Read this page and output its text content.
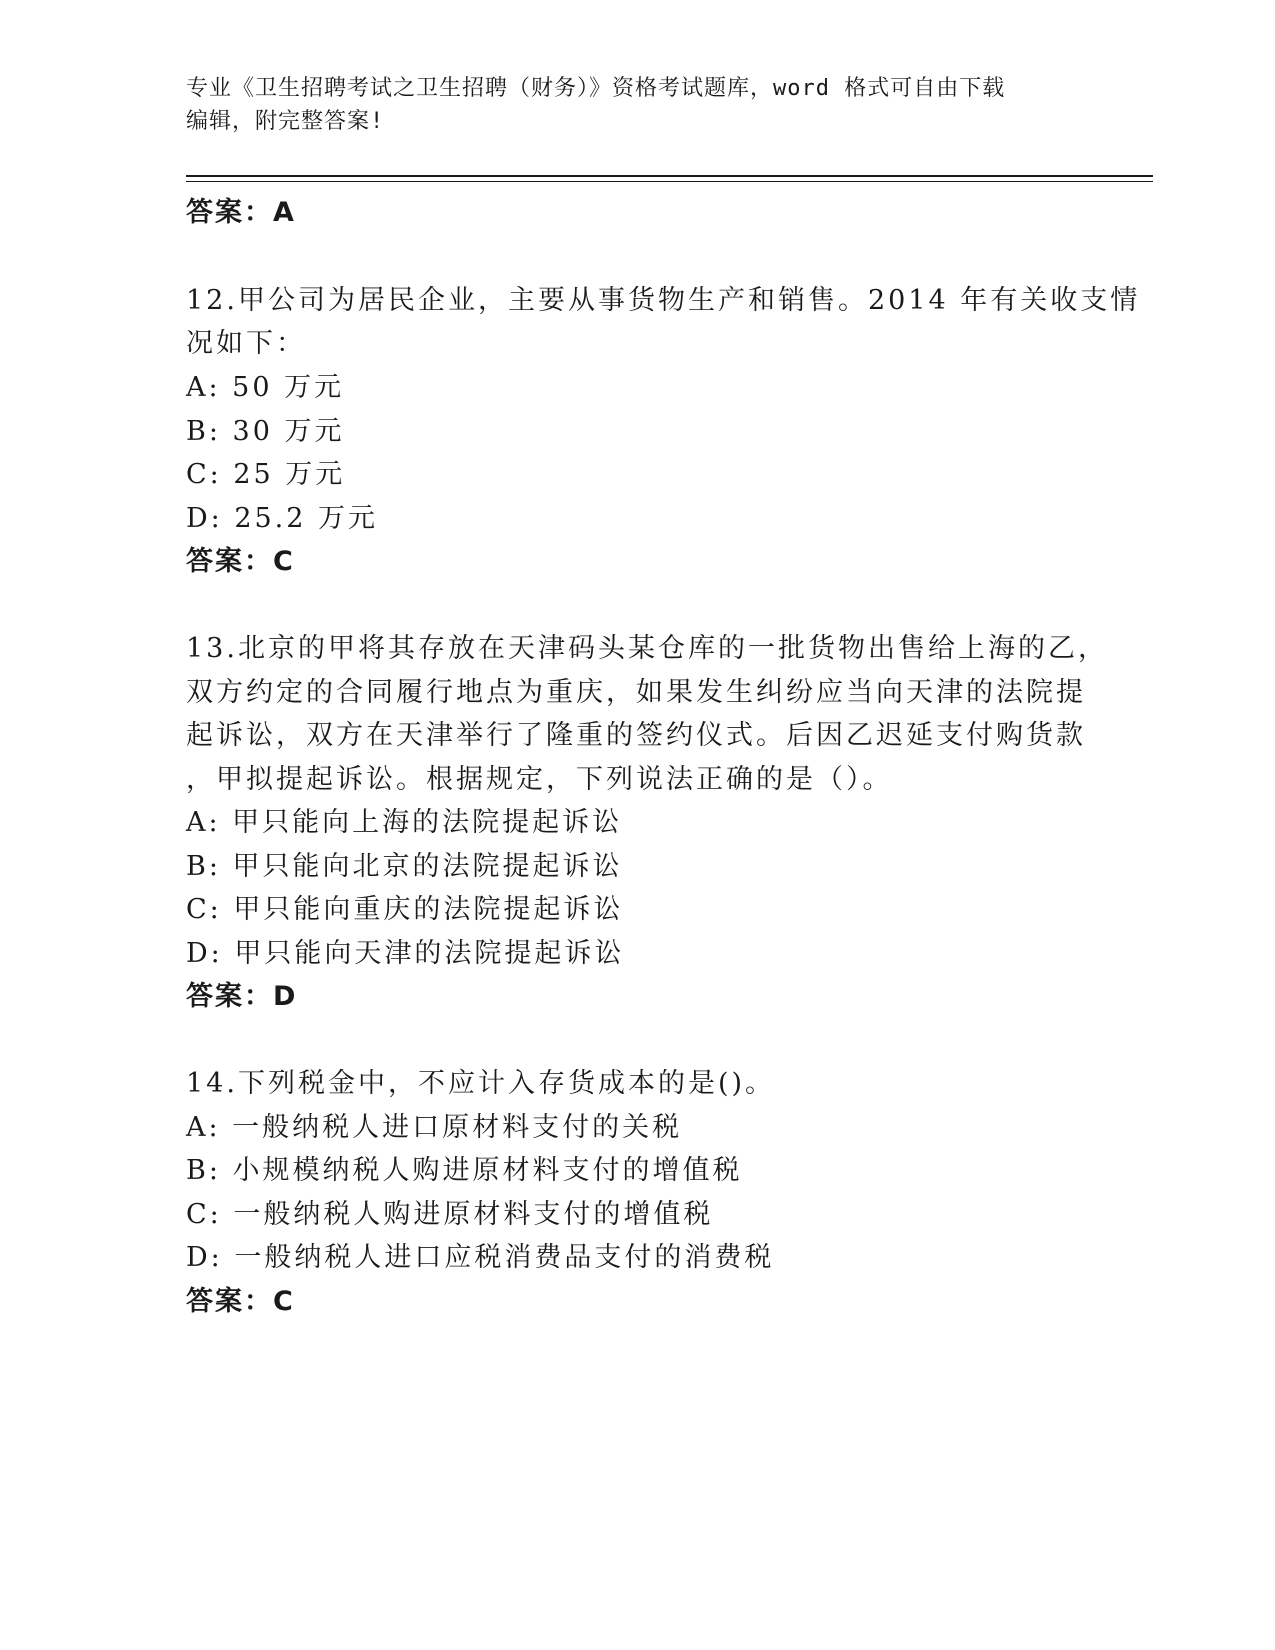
专业《卫生招聘考试之卫生招聘（财务）》资格考试题库，word 格式可自由下载
编辑，附完整答案!
答案：A
12.甲公司为居民企业，主要从事货物生产和销售。2014 年有关收支情
况如下：
A: 50 万元
B: 30 万元
C: 25 万元
D: 25.2 万元
答案：C
13.北京的甲将其存放在天津码头某仓库的一批货物出售给上海的乙，
双方约定的合同履行地点为重庆，如果发生纠纷应当向天津的法院提
起诉讼，双方在天津举行了隆重的签约仪式。后因乙迟延支付购货款
，甲拟提起诉讼。根据规定，下列说法正确的是（）。
A: 甲只能向上海的法院提起诉讼
B: 甲只能向北京的法院提起诉讼
C: 甲只能向重庆的法院提起诉讼
D: 甲只能向天津的法院提起诉讼
答案：D
14.下列税金中，不应计入存货成本的是()。
A: 一般纳税人进口原材料支付的关税
B: 小规模纳税人购进原材料支付的增值税
C: 一般纳税人购进原材料支付的增值税
D: 一般纳税人进口应税消费品支付的消费税
答案：C
